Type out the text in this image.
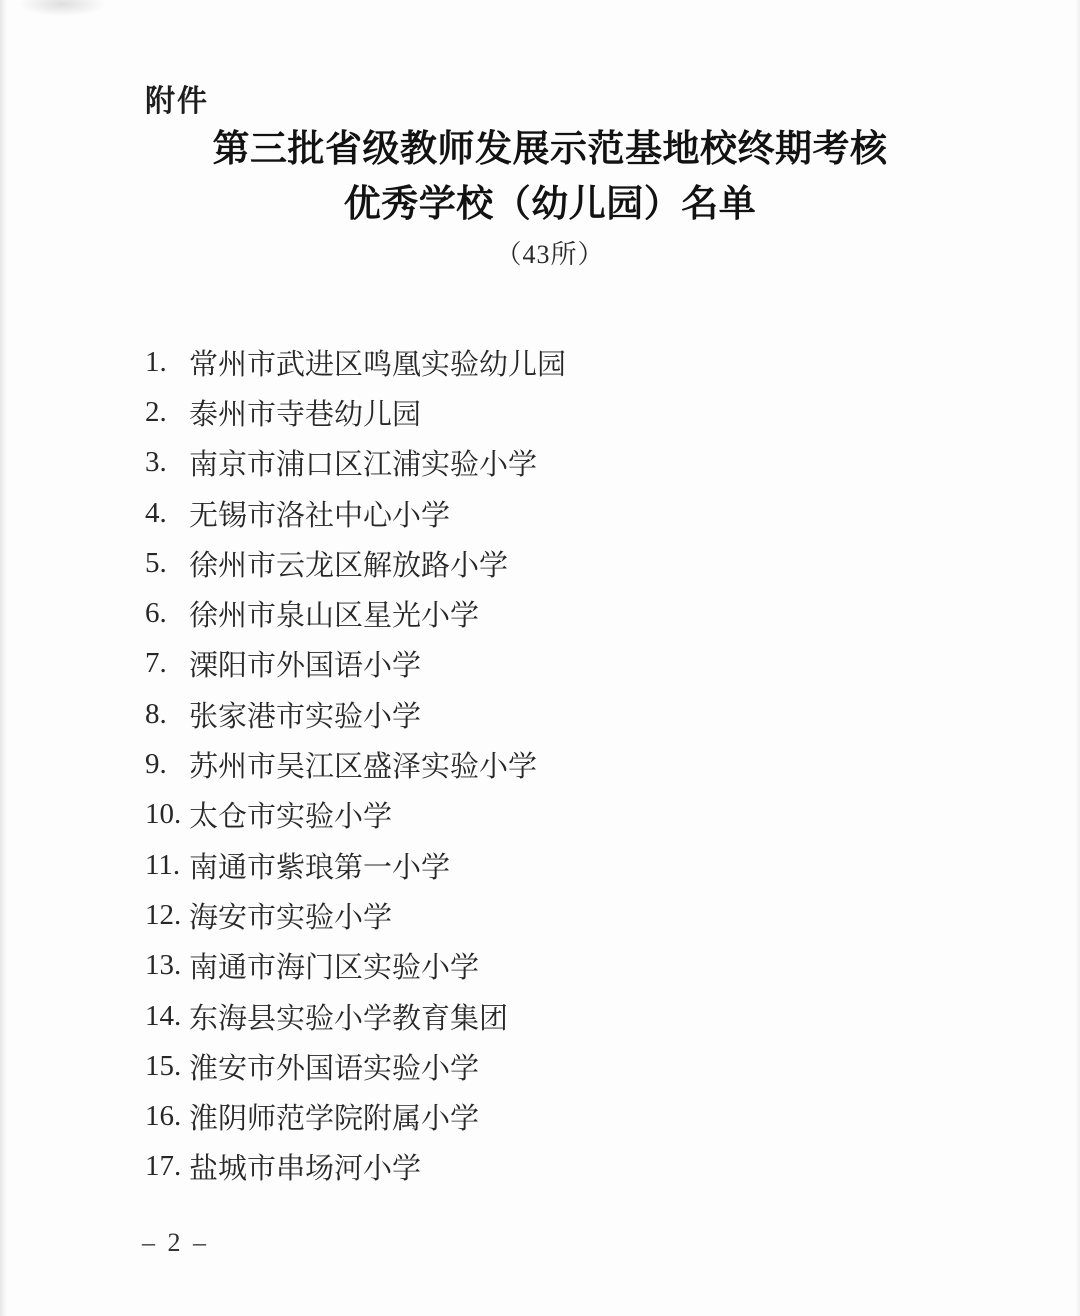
附件
第三批省级教师发展示范基地校终期考核
优秀学校（幼儿园）名单
（43所）
1. 常州市武进区鸣凰实验幼儿园
2. 泰州市寺巷幼儿园
3. 南京市浦口区江浦实验小学
4. 无锡市洛社中心小学
5. 徐州市云龙区解放路小学
6. 徐州市泉山区星光小学
7. 溧阳市外国语小学
8. 张家港市实验小学
9. 苏州市吴江区盛泽实验小学
10. 太仓市实验小学
11. 南通市紫琅第一小学
12. 海安市实验小学
13. 南通市海门区实验小学
14. 东海县实验小学教育集团
15. 淮安市外国语实验小学
16. 淮阴师范学院附属小学
17. 盐城市串场河小学
– 2 –
